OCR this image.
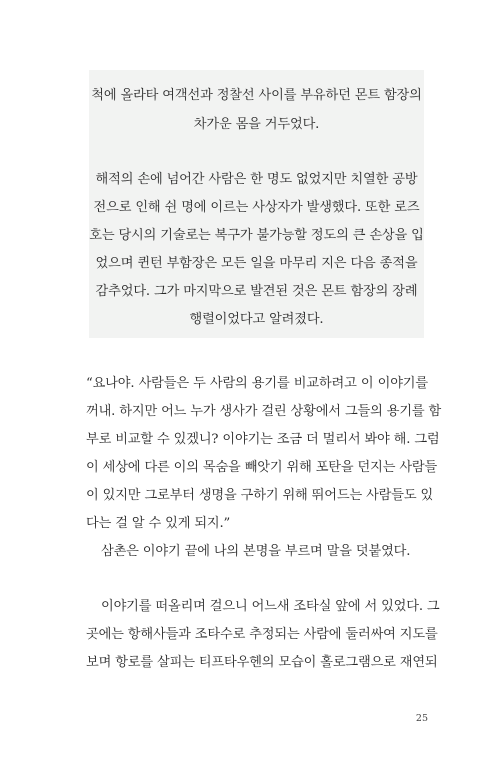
척에 올라타 여객선과 정찰선 사이를 부유하던 몬트 함장의
차가운 몸을 거두었다.
해적의 손에 넘어간 사람은 한 명도 없었지만 치열한 공방
전으로 인해 쉰 명에 이르는 사상자가 발생했다. 또한 로즈
호는 당시의 기술로는 복구가 불가능할 정도의 큰 손상을 입
었으며 퀸턴 부함장은 모든 일을 마무리 지은 다음 종적을
감추었다. 그가 마지막으로 발견된 것은 몬트 함장의 장례
행렬이었다고 알려졌다.
“요나야. 사람들은 두 사람의 용기를 비교하려고 이 이야기를
꺼내. 하지만 어느 누가 생사가 걸린 상황에서 그들의 용기를 함
부로 비교할 수 있겠니? 이야기는 조금 더 멀리서 봐야 해. 그럼
이 세상에 다른 이의 목숨을 빼앗기 위해 포탄을 던지는 사람들
이 있지만 그로부터 생명을 구하기 위해 뛰어드는 사람들도 있
다는 걸 알 수 있게 되지.”
삼촌은 이야기 끝에 나의 본명을 부르며 말을 덧붙였다.
이야기를 떠올리며 걸으니 어느새 조타실 앞에 서 있었다. 그
곳에는 항해사들과 조타수로 추정되는 사람에 둘러싸여 지도를
보며 항로를 살피는 티프타우헨의 모습이 홀로그램으로 재연되
25
